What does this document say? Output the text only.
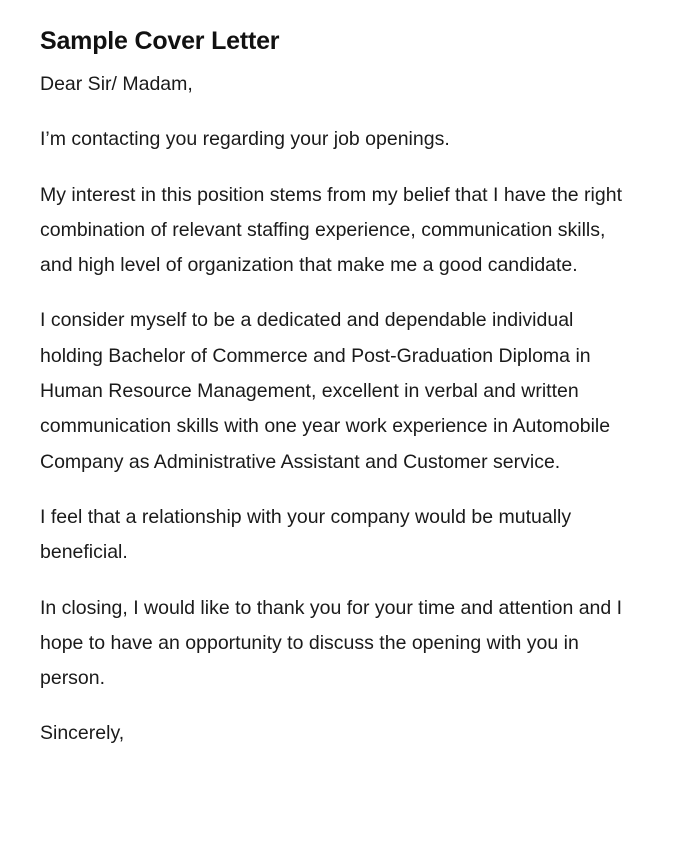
Sample Cover Letter

Dear Sir/ Madam,

I’m contacting you regarding your job openings.

My interest in this position stems from my belief that I have the right combination of relevant staffing experience, communication skills, and high level of organization that make me a good candidate.

I consider myself to be a dedicated and dependable individual holding Bachelor of Commerce and Post-Graduation Diploma in Human Resource Management, excellent in verbal and written communication skills with one year work experience in Automobile Company as Administrative Assistant and Customer service.

I feel that a relationship with your company would be mutually beneficial.

In closing, I would like to thank you for your time and attention and I hope to have an opportunity to discuss the opening with you in person.

Sincerely,
